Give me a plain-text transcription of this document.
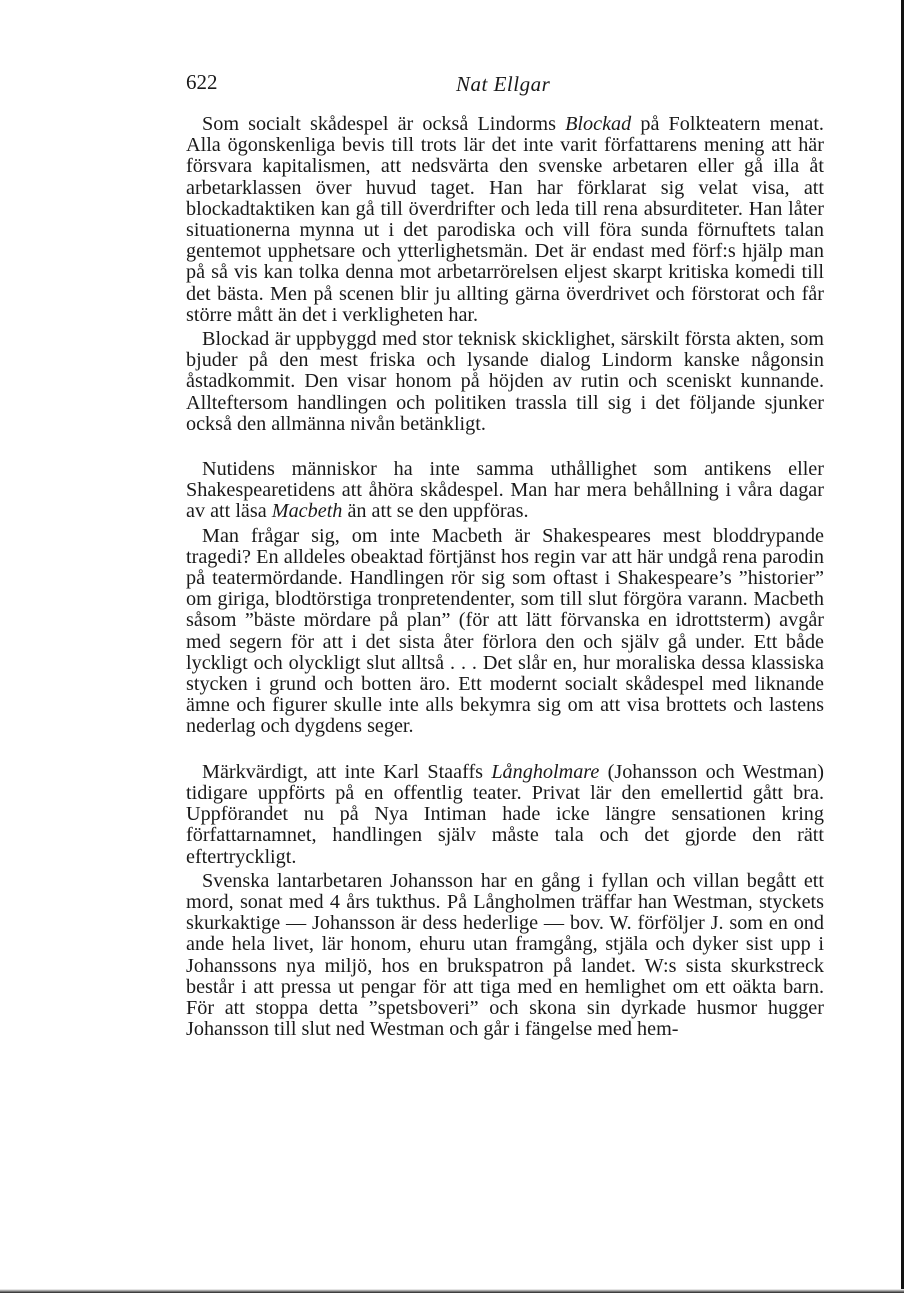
622	Nat Ellgar

Som socialt skådespel är också Lindorms Blockad på Folkteatern menat. Alla ögonskenliga bevis till trots lär det inte varit författarens mening att här försvara kapitalismen, att nedsvärta den svenske arbetaren eller gå illa åt arbetarklassen över huvud taget. Han har förklarat sig velat visa, att blockadtaktiken kan gå till överdrifter och leda till rena absurditeter. Han låter situationerna mynna ut i det parodiska och vill föra sunda förnuftets talan gentemot upphetsare och ytterlighetsmän. Det är endast med förf:s hjälp man på så vis kan tolka denna mot arbetarrörelsen eljest skarpt kritiska komedi till det bästa. Men på scenen blir ju allting gärna överdrivet och förstorat och får större mått än det i verkligheten har.

Blockad är uppbyggd med stor teknisk skicklighet, särskilt första akten, som bjuder på den mest friska och lysande dialog Lindorm kanske någonsin åstadkommit. Den visar honom på höjden av rutin och sceniskt kunnande. Allteftersom handlingen och politiken trassla till sig i det följande sjunker också den allmänna nivån betänkligt.

Nutidens människor ha inte samma uthållighet som antikens eller Shakespearetidens att åhöra skådespel. Man har mera behållning i våra dagar av att läsa Macbeth än att se den uppföras.

Man frågar sig, om inte Macbeth är Shakespeares mest bloddrypande tragedi? En alldeles obeaktad förtjänst hos regin var att här undgå rena parodin på teatermördande. Handlingen rör sig som oftast i Shakespeare’s ”historier” om giriga, blodtörstiga tronpretendenter, som till slut förgöra varann. Macbeth såsom ”bäste mördare på plan” (för att lätt förvanska en idrottsterm) avgår med segern för att i det sista åter förlora den och själv gå under. Ett både lyckligt och olyckligt slut alltså . . . Det slår en, hur moraliska dessa klassiska stycken i grund och botten äro. Ett modernt socialt skådespel med liknande ämne och figurer skulle inte alls bekymra sig om att visa brottets och lastens nederlag och dygdens seger.

Märkvärdigt, att inte Karl Staaffs Långholmare (Johansson och Westman) tidigare uppförts på en offentlig teater. Privat lär den emellertid gått bra. Uppförandet nu på Nya Intiman hade icke längre sensationen kring författarnamnet, handlingen själv måste tala och det gjorde den rätt eftertryckligt.

Svenska lantarbetaren Johansson har en gång i fyllan och villan begått ett mord, sonat med 4 års tukthus. På Långholmen träffar han Westman, styckets skurkaktige — Johansson är dess hederlige — bov. W. förföljer J. som en ond ande hela livet, lär honom, ehuru utan framgång, stjäla och dyker sist upp i Johanssons nya miljö, hos en brukspatron på landet. W:s sista skurkstreck består i att pressa ut pengar för att tiga med en hemlighet om ett oäkta barn. För att stoppa detta ”spetsboveri” och skona sin dyrkade husmor hugger Johansson till slut ned Westman och går i fängelse med hem-
